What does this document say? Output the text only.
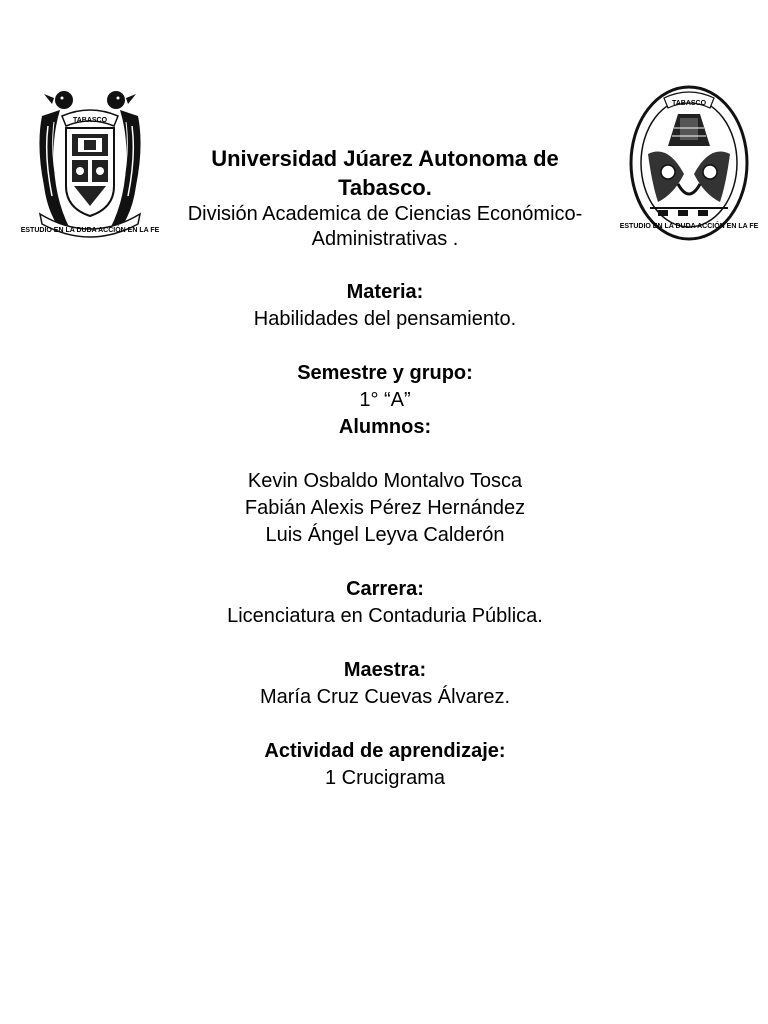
TABASCO
ESTUDIO EN LA DUDA ACCIÓN EN LA FE
TABASCO
ESTUDIO EN LA DUDA ACCIÓN EN LA FE

Universidad Júarez Autonoma de

Tabasco.

División Academica de Ciencias Económico-

Administrativas .

Materia:

Habilidades del pensamiento.

Semestre y grupo:

1° “A”

Alumnos:

Kevin Osbaldo Montalvo Tosca

Fabián Alexis Pérez Hernández

Luis Ángel Leyva Calderón

Carrera:

Licenciatura en Contaduria Pública.

Maestra:

María Cruz Cuevas Álvarez.

Actividad de aprendizaje:

1 Crucigrama
